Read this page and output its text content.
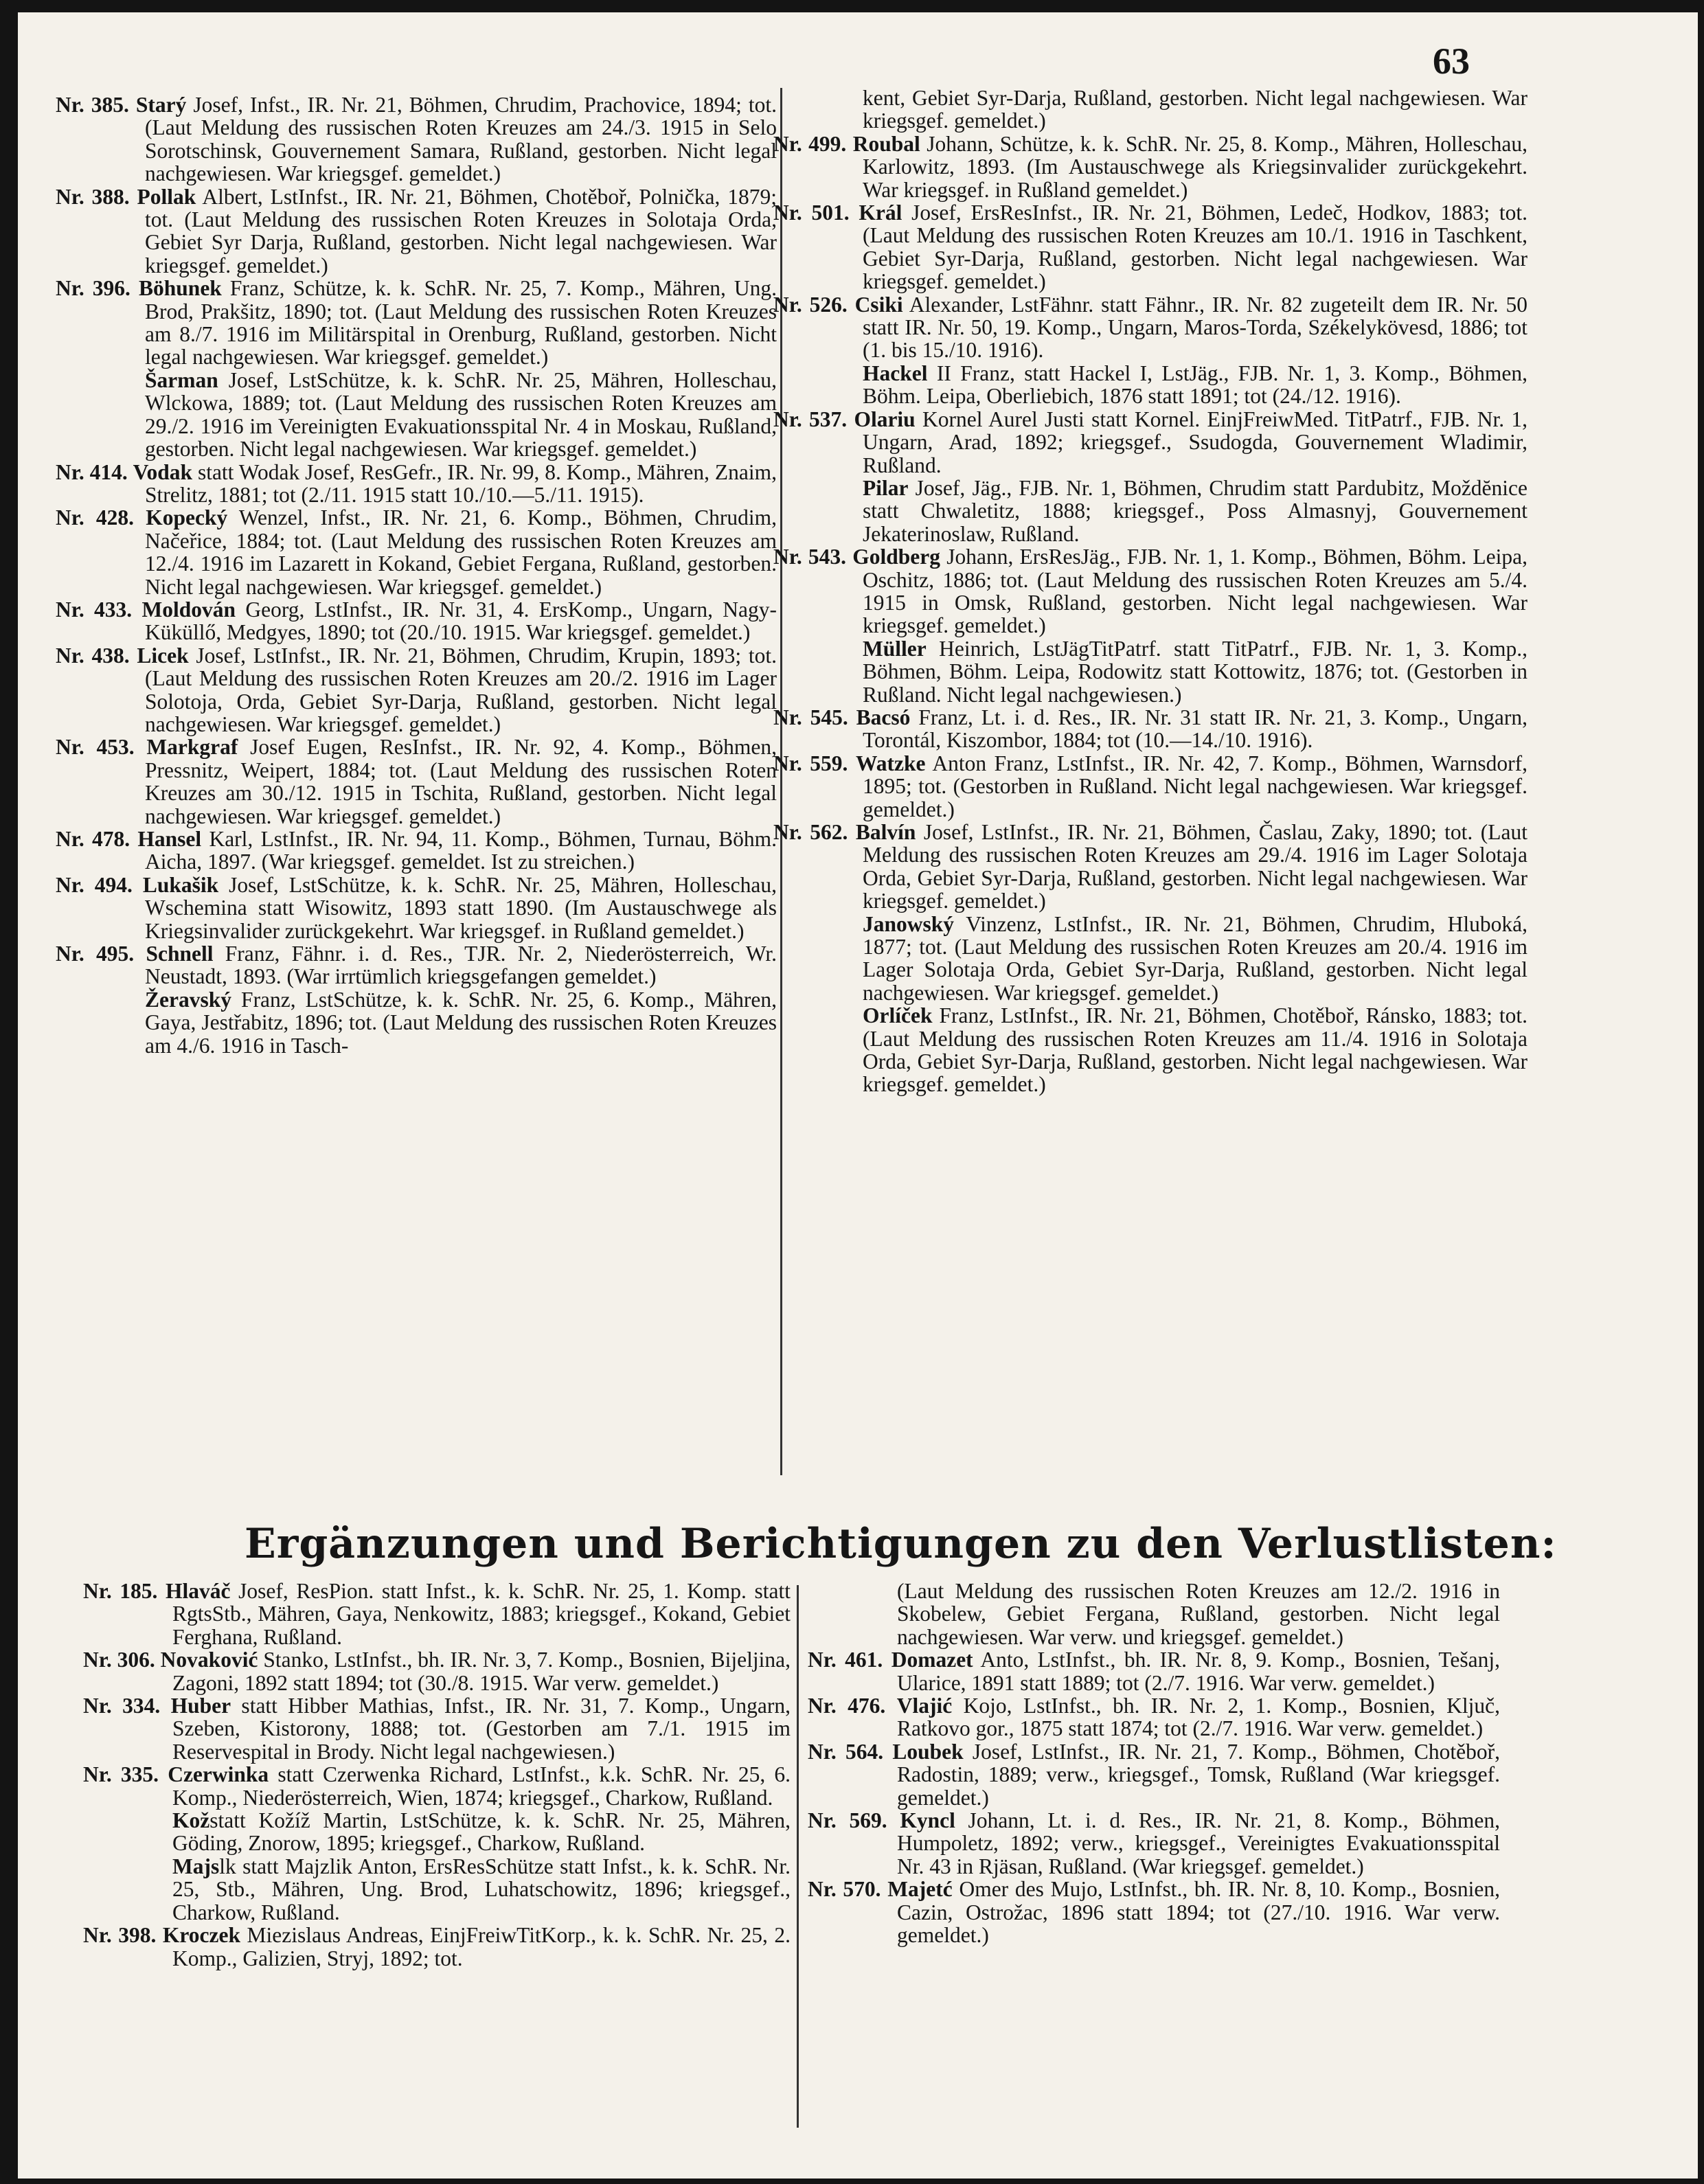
63

Nr. 385. Starý Josef, Infst., IR. Nr. 21, Böhmen, Chrudim, Prachovice, 1894; tot. (Laut Meldung des russischen Roten Kreuzes am 24./3. 1915 in Selo Sorotschinsk, Gouvernement Samara, Rußland, gestorben. Nicht legal nachgewiesen. War kriegsgef. gemeldet.)

Nr. 388. Pollak Albert, LstInfst., IR. Nr. 21, Böhmen, Chotěboř, Polnička, 1879; tot. (Laut Meldung des russischen Roten Kreuzes in Solotaja Orda, Gebiet Syr Darja, Rußland, gestorben. Nicht legal nachgewiesen. War kriegsgef. gemeldet.)

Nr. 396. Böhunek Franz, Schütze, k. k. SchR. Nr. 25, 7. Komp., Mähren, Ung. Brod, Prakšitz, 1890; tot. (Laut Meldung des russischen Roten Kreuzes am 8./7. 1916 im Militärspital in Orenburg, Rußland, gestorben. Nicht legal nachgewiesen. War kriegsgef. gemeldet.)

Šarman Josef, LstSchütze, k. k. SchR. Nr. 25, Mähren, Holleschau, Wlckowa, 1889; tot. (Laut Meldung des russischen Roten Kreuzes am 29./2. 1916 im Vereinigten Evakuationsspital Nr. 4 in Moskau, Rußland, gestorben. Nicht legal nachgewiesen. War kriegsgef. gemeldet.)

Nr. 414. Vodak statt Wodak Josef, ResGefr., IR. Nr. 99, 8. Komp., Mähren, Znaim, Strelitz, 1881; tot (2./11. 1915 statt 10./10.—5./11. 1915).

Nr. 428. Kopecký Wenzel, Infst., IR. Nr. 21, 6. Komp., Böhmen, Chrudim, Načeřice, 1884; tot. (Laut Meldung des russischen Roten Kreuzes am 12./4. 1916 im Lazarett in Kokand, Gebiet Fergana, Rußland, gestorben. Nicht legal nachgewiesen. War kriegsgef. gemeldet.)

Nr. 433. Moldován Georg, LstInfst., IR. Nr. 31, 4. ErsKomp., Ungarn, Nagy-Küküllő, Medgyes, 1890; tot (20./10. 1915. War kriegsgef. gemeldet.)

Nr. 438. Licek Josef, LstInfst., IR. Nr. 21, Böhmen, Chrudim, Krupin, 1893; tot. (Laut Meldung des russischen Roten Kreuzes am 20./2. 1916 im Lager Solotoja, Orda, Gebiet Syr-Darja, Rußland, gestorben. Nicht legal nachgewiesen. War kriegsgef. gemeldet.)

Nr. 453. Markgraf Josef Eugen, ResInfst., IR. Nr. 92, 4. Komp., Böhmen, Pressnitz, Weipert, 1884; tot. (Laut Meldung des russischen Roten Kreuzes am 30./12. 1915 in Tschita, Rußland, gestorben. Nicht legal nachgewiesen. War kriegsgef. gemeldet.)

Nr. 478. Hansel Karl, LstInfst., IR. Nr. 94, 11. Komp., Böhmen, Turnau, Böhm. Aicha, 1897. (War kriegsgef. gemeldet. Ist zu streichen.)

Nr. 494. Lukašik Josef, LstSchütze, k. k. SchR. Nr. 25, Mähren, Holleschau, Wschemina statt Wisowitz, 1893 statt 1890. (Im Austauschwege als Kriegsinvalider zurückgekehrt. War kriegsgef. in Rußland gemeldet.)

Nr. 495. Schnell Franz, Fähnr. i. d. Res., TJR. Nr. 2, Niederösterreich, Wr. Neustadt, 1893. (War irrtümlich kriegsgefangen gemeldet.)

Žeravský Franz, LstSchütze, k. k. SchR. Nr. 25, 6. Komp., Mähren, Gaya, Jestřabitz, 1896; tot. (Laut Meldung des russischen Roten Kreuzes am 4./6. 1916 in Tasch-

kent, Gebiet Syr-Darja, Rußland, gestorben. Nicht legal nachgewiesen. War kriegsgef. gemeldet.)

Nr. 499. Roubal Johann, Schütze, k. k. SchR. Nr. 25, 8. Komp., Mähren, Holleschau, Karlowitz, 1893. (Im Austauschwege als Kriegsinvalider zurückgekehrt. War kriegsgef. in Rußland gemeldet.)

Nr. 501. Král Josef, ErsResInfst., IR. Nr. 21, Böhmen, Ledeč, Hodkov, 1883; tot. (Laut Meldung des russischen Roten Kreuzes am 10./1. 1916 in Taschkent, Gebiet Syr-Darja, Rußland, gestorben. Nicht legal nachgewiesen. War kriegsgef. gemeldet.)

Nr. 526. Csiki Alexander, LstFähnr. statt Fähnr., IR. Nr. 82 zugeteilt dem IR. Nr. 50 statt IR. Nr. 50, 19. Komp., Ungarn, Maros-Torda, Székelykövesd, 1886; tot (1. bis 15./10. 1916).

Hackel II Franz, statt Hackel I, LstJäg., FJB. Nr. 1, 3. Komp., Böhmen, Böhm. Leipa, Oberliebich, 1876 statt 1891; tot (24./12. 1916).

Nr. 537. Olariu Kornel Aurel Justi statt Kornel. EinjFreiwMed. TitPatrf., FJB. Nr. 1, Ungarn, Arad, 1892; kriegsgef., Ssudogda, Gouvernement Wladimir, Rußland.

Pilar Josef, Jäg., FJB. Nr. 1, Böhmen, Chrudim statt Pardubitz, Moždĕnice statt Chwaletitz, 1888; kriegsgef., Poss Almasnyj, Gouvernement Jekaterinoslaw, Rußland.

Nr. 543. Goldberg Johann, ErsResJäg., FJB. Nr. 1, 1. Komp., Böhmen, Böhm. Leipa, Oschitz, 1886; tot. (Laut Meldung des russischen Roten Kreuzes am 5./4. 1915 in Omsk, Rußland, gestorben. Nicht legal nachgewiesen. War kriegsgef. gemeldet.)

Müller Heinrich, LstJägTitPatrf. statt TitPatrf., FJB. Nr. 1, 3. Komp., Böhmen, Böhm. Leipa, Rodowitz statt Kottowitz, 1876; tot. (Gestorben in Rußland. Nicht legal nachgewiesen.)

Nr. 545. Bacsó Franz, Lt. i. d. Res., IR. Nr. 31 statt IR. Nr. 21, 3. Komp., Ungarn, Torontál, Kiszombor, 1884; tot (10.—14./10. 1916).

Nr. 559. Watzke Anton Franz, LstInfst., IR. Nr. 42, 7. Komp., Böhmen, Warnsdorf, 1895; tot. (Gestorben in Rußland. Nicht legal nachgewiesen. War kriegsgef. gemeldet.)

Nr. 562. Balvín Josef, LstInfst., IR. Nr. 21, Böhmen, Časlau, Zaky, 1890; tot. (Laut Meldung des russischen Roten Kreuzes am 29./4. 1916 im Lager Solotaja Orda, Gebiet Syr-Darja, Rußland, gestorben. Nicht legal nachgewiesen. War kriegsgef. gemeldet.)

Janowský Vinzenz, LstInfst., IR. Nr. 21, Böhmen, Chrudim, Hluboká, 1877; tot. (Laut Meldung des russischen Roten Kreuzes am 20./4. 1916 im Lager Solotaja Orda, Gebiet Syr-Darja, Rußland, gestorben. Nicht legal nachgewiesen. War kriegsgef. gemeldet.)

Orlíček Franz, LstInfst., IR. Nr. 21, Böhmen, Chotěboř, Ránsko, 1883; tot. (Laut Meldung des russischen Roten Kreuzes am 11./4. 1916 in Solotaja Orda, Gebiet Syr-Darja, Rußland, gestorben. Nicht legal nachgewiesen. War kriegsgef. gemeldet.)

Ergänzungen und Berichtigungen zu den Verlustlisten:

Nr. 185. Hlaváč Josef, ResPion. statt Infst., k. k. SchR. Nr. 25, 1. Komp. statt RgtsStb., Mähren, Gaya, Nenkowitz, 1883; kriegsgef., Kokand, Gebiet Ferghana, Rußland.

Nr. 306. Novaković Stanko, LstInfst., bh. IR. Nr. 3, 7. Komp., Bosnien, Bijeljina, Zagoni, 1892 statt 1894; tot (30./8. 1915. War verw. gemeldet.)

Nr. 334. Huber statt Hibber Mathias, Infst., IR. Nr. 31, 7. Komp., Ungarn, Szeben, Kistorony, 1888; tot. (Gestorben am 7./1. 1915 im Reservespital in Brody. Nicht legal nachgewiesen.)

Nr. 335. Czerwinka statt Czerwenka Richard, LstInfst., k.k. SchR. Nr. 25, 6. Komp., Niederösterreich, Wien, 1874; kriegsgef., Charkow, Rußland.

Kožstatt Kožíž Martin, LstSchütze, k. k. SchR. Nr. 25, Mähren, Göding, Znorow, 1895; kriegsgef., Charkow, Rußland.

Majslk statt Majzlik Anton, ErsResSchütze statt Infst., k. k. SchR. Nr. 25, Stb., Mähren, Ung. Brod, Luhatschowitz, 1896; kriegsgef., Charkow, Rußland.

Nr. 398. Kroczek Miezislaus Andreas, EinjFreiwTitKorp., k. k. SchR. Nr. 25, 2. Komp., Galizien, Stryj, 1892; tot.

(Laut Meldung des russischen Roten Kreuzes am 12./2. 1916 in Skobelew, Gebiet Fergana, Rußland, gestorben. Nicht legal nachgewiesen. War verw. und kriegsgef. gemeldet.)

Nr. 461. Domazet Anto, LstInfst., bh. IR. Nr. 8, 9. Komp., Bosnien, Tešanj, Ularice, 1891 statt 1889; tot (2./7. 1916. War verw. gemeldet.)

Nr. 476. Vlajić Kojo, LstInfst., bh. IR. Nr. 2, 1. Komp., Bosnien, Ključ, Ratkovo gor., 1875 statt 1874; tot (2./7. 1916. War verw. gemeldet.)

Nr. 564. Loubek Josef, LstInfst., IR. Nr. 21, 7. Komp., Böhmen, Chotěboř, Radostin, 1889; verw., kriegsgef., Tomsk, Rußland (War kriegsgef. gemeldet.)

Nr. 569. Kyncl Johann, Lt. i. d. Res., IR. Nr. 21, 8. Komp., Böhmen, Humpoletz, 1892; verw., kriegsgef., Vereinigtes Evakuationsspital Nr. 43 in Rjäsan, Rußland. (War kriegsgef. gemeldet.)

Nr. 570. Majetć Omer des Mujo, LstInfst., bh. IR. Nr. 8, 10. Komp., Bosnien, Cazin, Ostrožac, 1896 statt 1894; tot (27./10. 1916. War verw. gemeldet.)
